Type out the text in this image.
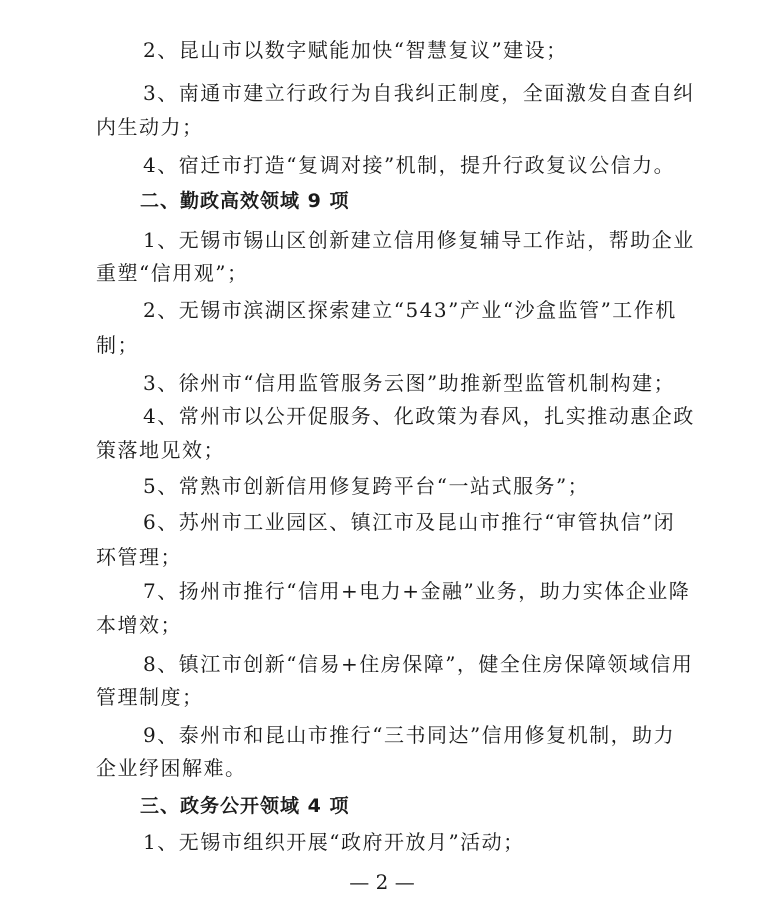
2、昆山市以数字赋能加快“智慧复议”建设；
3、南通市建立行政行为自我纠正制度，全面激发自查自纠
内生动力；
4、宿迁市打造“复调对接”机制，提升行政复议公信力。
二、勤政高效领域 9 项
1、无锡市锡山区创新建立信用修复辅导工作站，帮助企业
重塑“信用观”；
2、无锡市滨湖区探索建立“543”产业“沙盒监管”工作机
制；
3、徐州市“信用监管服务云图”助推新型监管机制构建；
4、常州市以公开促服务、化政策为春风，扎实推动惠企政
策落地见效；
5、常熟市创新信用修复跨平台“一站式服务”；
6、苏州市工业园区、镇江市及昆山市推行“审管执信”闭
环管理；
7、扬州市推行“信用+电力+金融”业务，助力实体企业降
本增效；
8、镇江市创新“信易+住房保障”，健全住房保障领域信用
管理制度；
9、泰州市和昆山市推行“三书同达”信用修复机制，助力
企业纾困解难。
三、政务公开领域 4 项
1、无锡市组织开展“政府开放月”活动；
— 2 —
